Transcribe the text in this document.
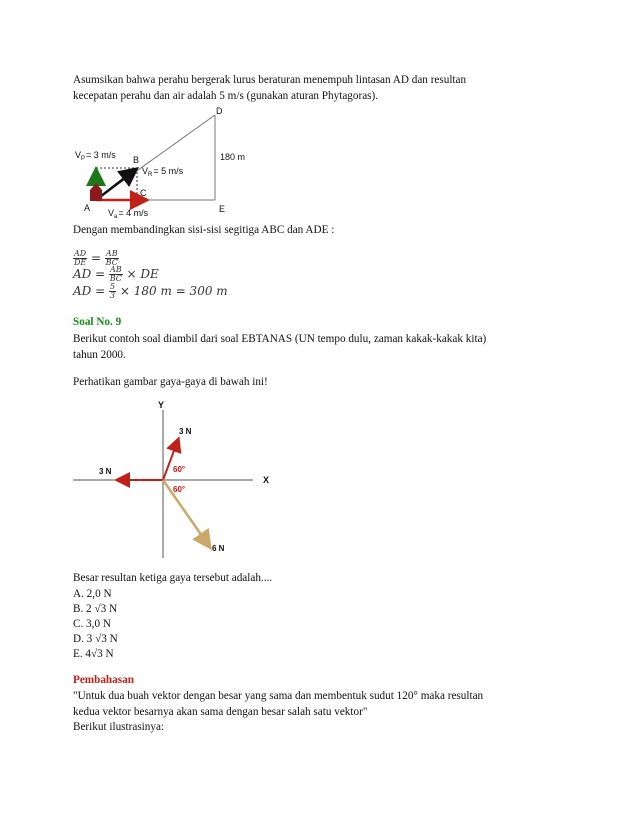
Asumsikan bahwa perahu bergerak lurus beraturan menempuh lintasan AD dan resultan
kecepatan perahu dan air adalah 5 m/s (gunakan aturan Phytagoras).
D
B
C
A	E
180 m
$V_P= 3$ m/s
$V_R= 5$ m/s
$V_a= 4$ m/s
Dengan membandingkan sisi-sisi segitiga ABC dan ADE :
$\frac{AD}{DE} = \frac{AB}{BC}$
AD = $\frac{AB}{BC}$ × DE
AD = $\frac{5}{3} \times 180$ m = 300 m
Soal No. 9
Berikut contoh soal diambil dari soal EBTANAS (UN tempo dulu, zaman kakak-kakak kita)
tahun 2000.
Perhatikan gambar gaya-gaya di bawah ini!
Y
X
3 N
3 N
6 N
60°
60°
Besar resultan ketiga gaya tersebut adalah....
A. 2,0 N
B. 2 √3 N
C. 3,0 N
D. 3 √3 N
E. 4√3 N
Pembahasan
"Untuk dua buah vektor dengan besar yang sama dan membentuk sudut 120° maka resultan
kedua vektor besarnya akan sama dengan besar salah satu vektor"
Berikut ilustrasinya:
